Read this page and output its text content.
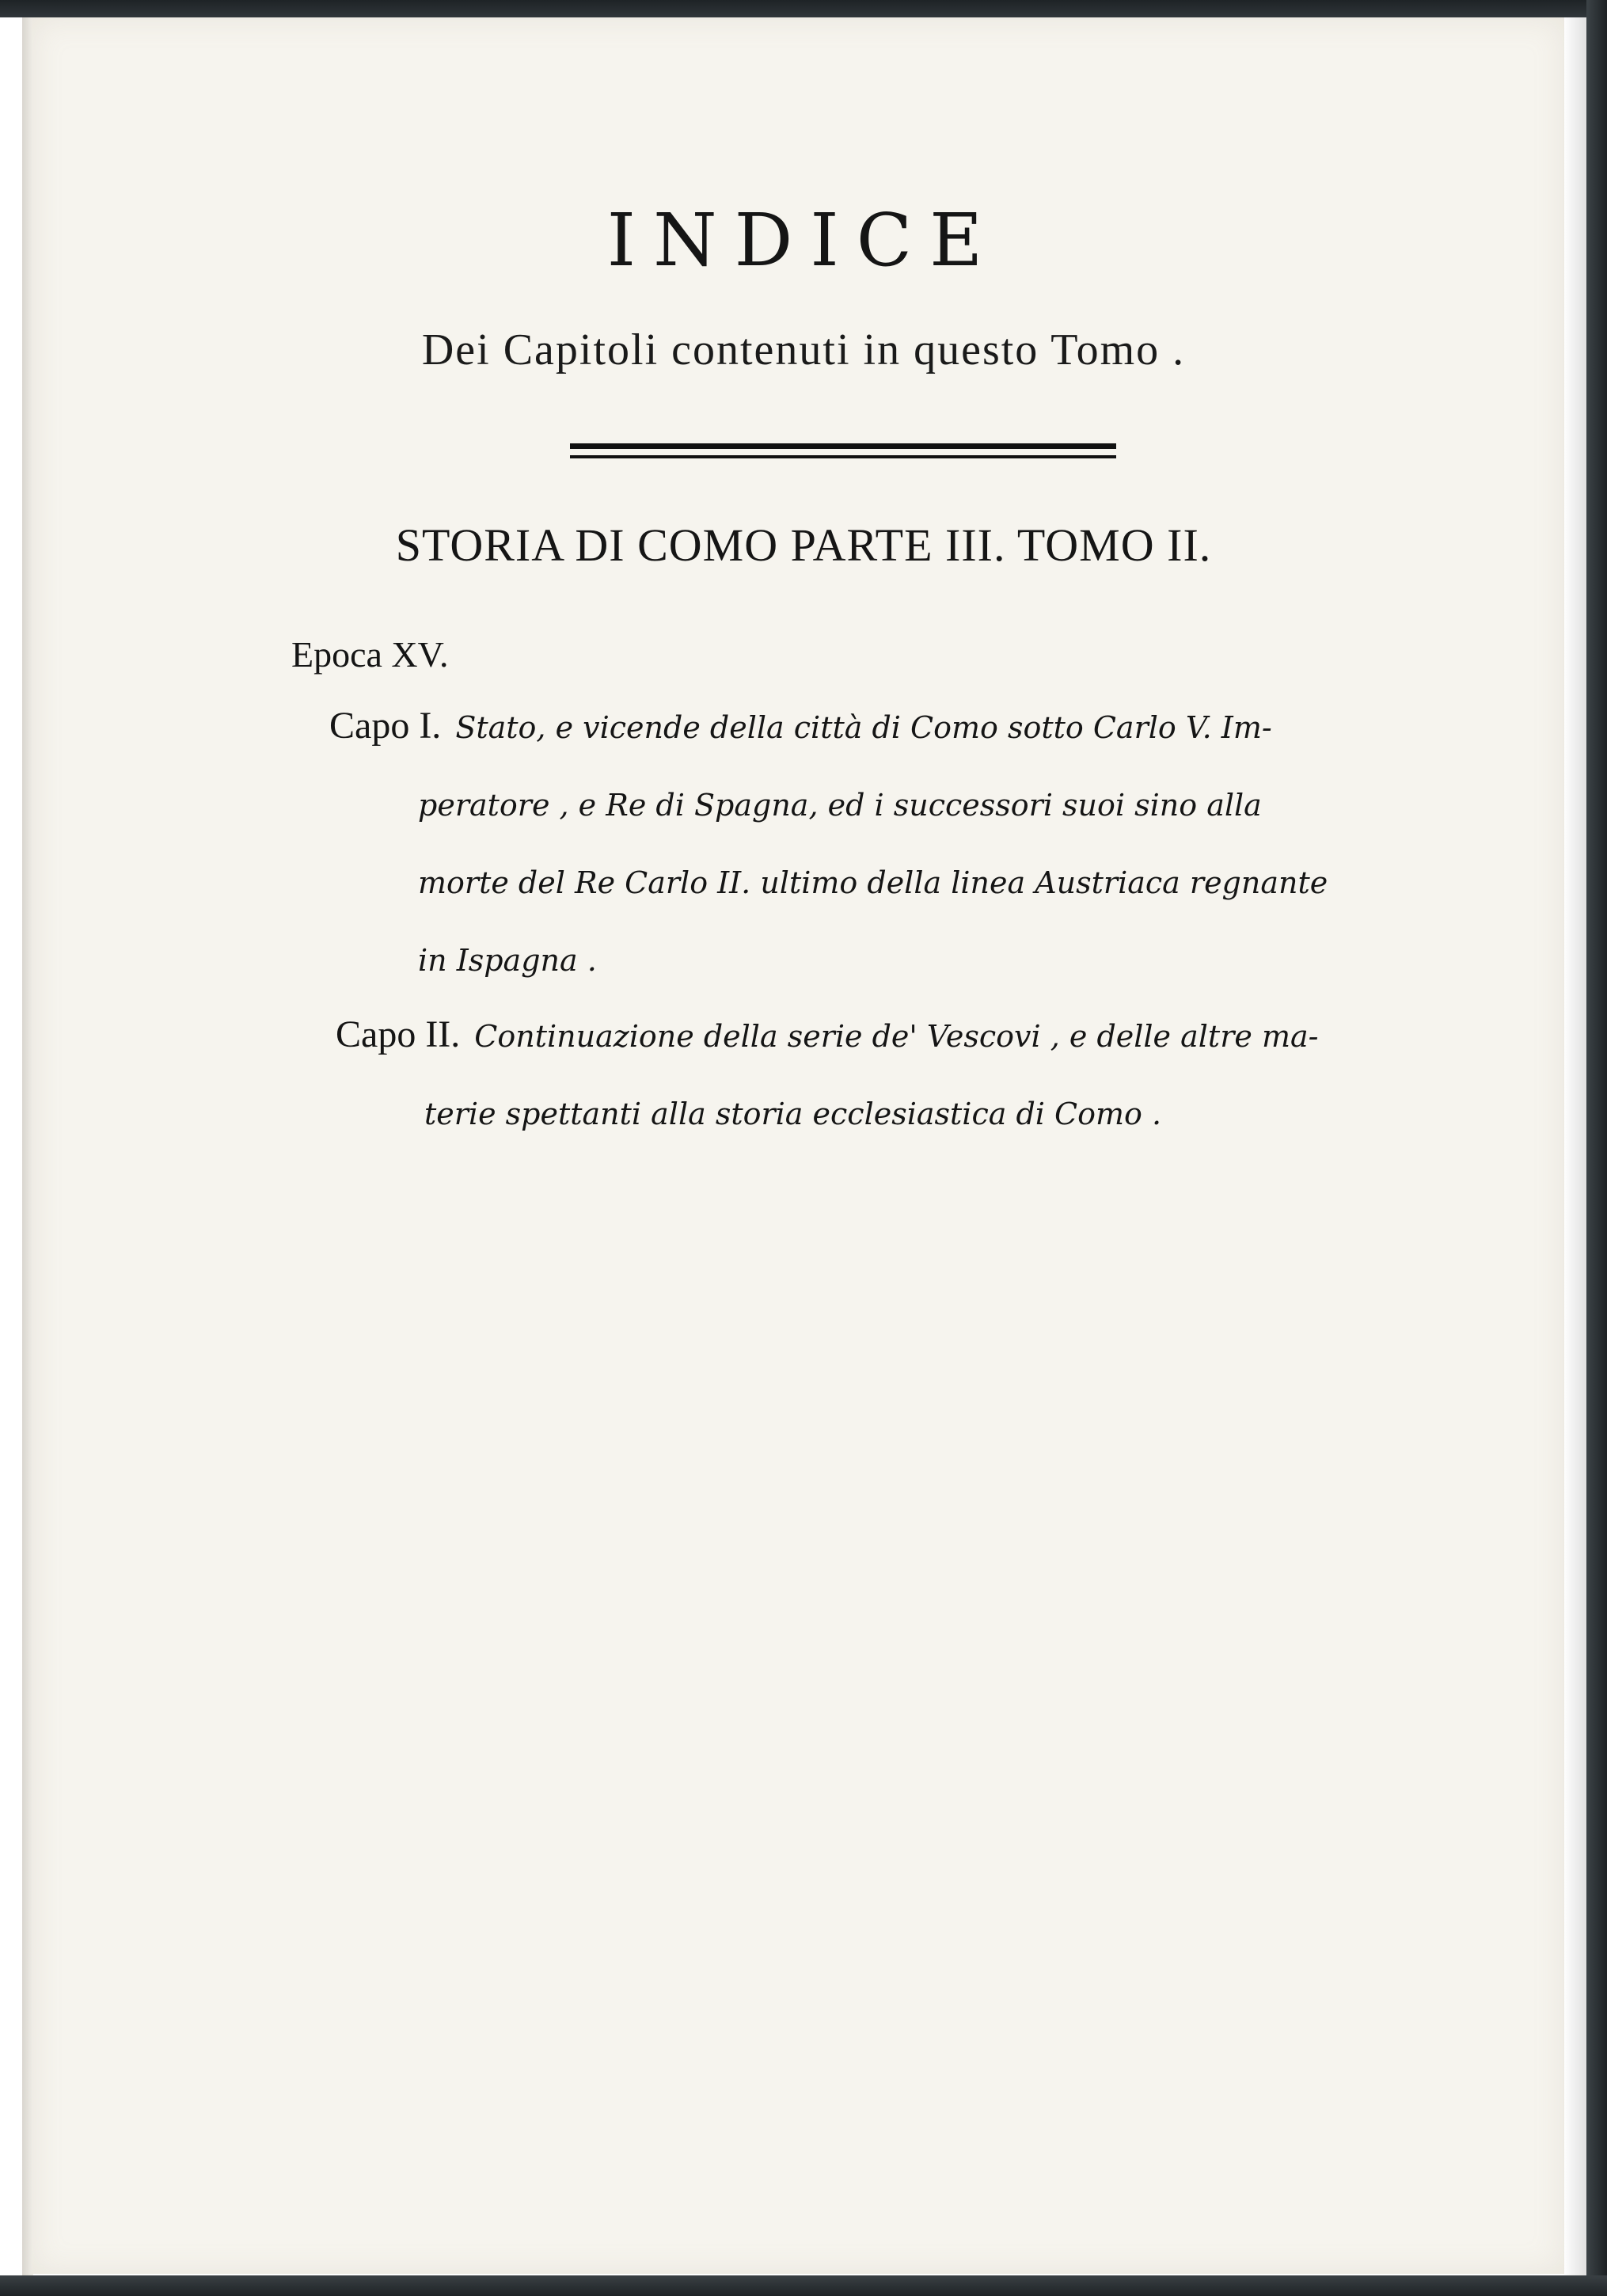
INDICE
Dei Capitoli contenuti in questo Tomo .
STORIA DI COMO PARTE III. TOMO II.
Epoca XV.
Capo I. Stato, e vicende della città di Como sotto Carlo V. Im-
peratore , e Re di Spagna, ed i successori suoi sino alla
morte del Re Carlo II. ultimo della linea Austriaca regnante
in Ispagna .
Capo II. Continuazione della serie de' Vescovi , e delle altre ma-
terie spettanti alla storia ecclesiastica di Como .
